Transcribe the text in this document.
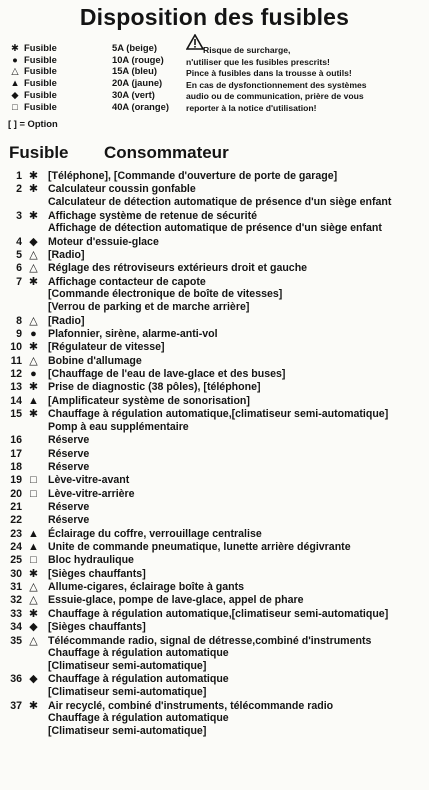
Disposition des fusibles
✱ Fusible	5A (beige)
● Fusible	10A (rouge)
△ Fusible	15A (bleu)
▲ Fusible	20A (jaune)
◆ Fusible	30A (vert)
□ Fusible	40A (orange)
Risque de surcharge,
n'utiliser que les fusibles prescrits!
Pince à fusibles dans la trousse à outils!
En cas de dysfonctionnement des systèmes
audio ou de communication, prière de vous
reporter à la notice d'utilisation!
[ ] = Option
Fusible Consommateur
1 ✱ [Téléphone], [Commande d'ouverture de porte de garage]
2 ✱ Calculateur coussin gonfable
Calculateur de détection automatique de présence d'un siège enfant
3 ✱ Affichage système de retenue de sécurité
Affichage de détection automatique de présence d'un siège enfant
4 ◆ Moteur d'essuie-glace
5 △ [Radio]
6 △ Réglage des rétroviseurs extérieurs droit et gauche
7 ✱ Affichage contacteur de capote
[Commande électronique de boîte de vitesses]
[Verrou de parking et de marche arrière]
8 △ [Radio]
9 ● Plafonnier, sirène, alarme-anti-vol
10 ✱ [Régulateur de vitesse]
11 △ Bobine d'allumage
12 ● [Chauffage de l'eau de lave-glace et des buses]
13 ✱ Prise de diagnostic (38 pôles), [téléphone]
14 ▲ [Amplificateur système de sonorisation]
15 ✱ Chauffage à régulation automatique,[climatiseur semi-automatique]
Pomp à eau supplémentaire
16 Réserve
17 Réserve
18 Réserve
19 □ Lève-vitre-avant
20 □ Lève-vitre-arrière
21 Réserve
22 Réserve
23 ▲ Éclairage du coffre, verrouillage centralise
24 ▲ Unite de commande pneumatique, lunette arrière dégivrante
25 □ Bloc hydraulique
30 ✱ [Sièges chauffants]
31 △ Allume-cigares, éclairage boîte à gants
32 △ Essuie-glace, pompe de lave-glace, appel de phare
33 ✱ Chauffage à régulation automatique,[climatiseur semi-automatique]
34 ◆ [Sièges chauffants]
35 △ Télécommande radio, signal de détresse,combiné d'instruments
Chauffage à régulation automatique
[Climatiseur semi-automatique]
36 ◆ Chauffage à régulation automatique
[Climatiseur semi-automatique]
37 ✱ Air recyclé, combiné d'instruments, télécommande radio
Chauffage à régulation automatique
[Climatiseur semi-automatique]
